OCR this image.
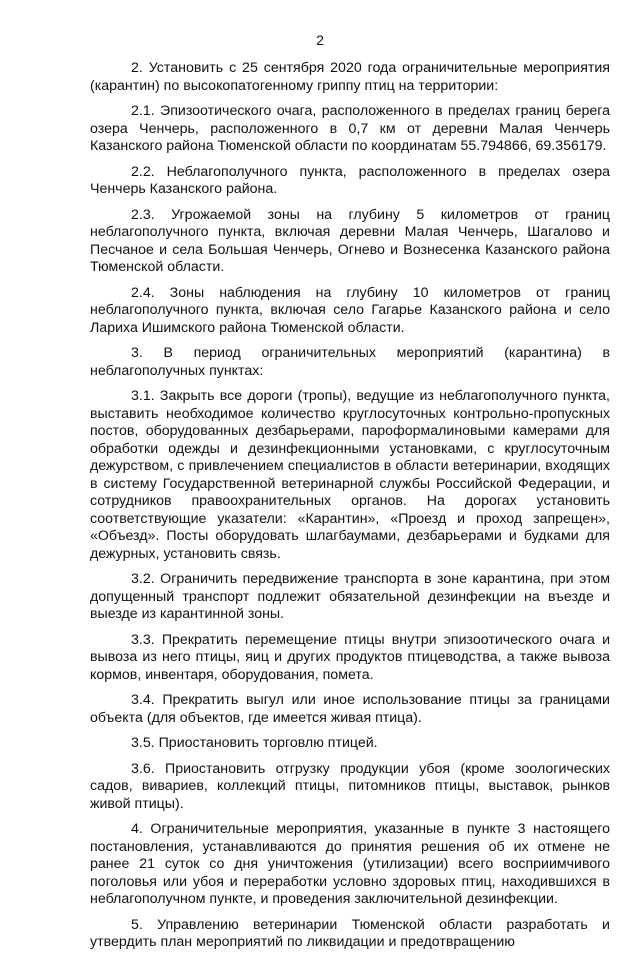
2

2. Установить с 25 сентября 2020 года ограничительные мероприятия (карантин) по высокопатогенному гриппу птиц на территории:

2.1. Эпизоотического очага, расположенного в пределах границ берега озера Ченчерь, расположенного в 0,7 км от деревни Малая Ченчерь Казанского района Тюменской области по координатам 55.794866, 69.356179.

2.2. Неблагополучного пункта, расположенного в пределах озера Ченчерь Казанского района.

2.3. Угрожаемой зоны на глубину 5 километров от границ неблагополучного пункта, включая деревни Малая Ченчерь, Шагалово и Песчаное и села Большая Ченчерь, Огнево и Вознесенка Казанского района Тюменской области.

2.4. Зоны наблюдения на глубину 10 километров от границ неблагополучного пункта, включая село Гагарье Казанского района и село Лариха Ишимского района Тюменской области.

3. В период ограничительных мероприятий (карантина) в неблагополучных пунктах:

3.1. Закрыть все дороги (тропы), ведущие из неблагополучного пункта, выставить необходимое количество круглосуточных контрольно-пропускных постов, оборудованных дезбарьерами, пароформалиновыми камерами для обработки одежды и дезинфекционными установками, с круглосуточным дежурством, с привлечением специалистов в области ветеринарии, входящих в систему Государственной ветеринарной службы Российской Федерации, и сотрудников правоохранительных органов. На дорогах установить соответствующие указатели: «Карантин», «Проезд и проход запрещен», «Объезд». Посты оборудовать шлагбаумами, дезбарьерами и будками для дежурных, установить связь.

3.2. Ограничить передвижение транспорта в зоне карантина, при этом допущенный транспорт подлежит обязательной дезинфекции на въезде и выезде из карантинной зоны.

3.3. Прекратить перемещение птицы внутри эпизоотического очага и вывоза из него птицы, яиц и других продуктов птицеводства, а также вывоза кормов, инвентаря, оборудования, помета.

3.4. Прекратить выгул или иное использование птицы за границами объекта (для объектов, где имеется живая птица).

3.5. Приостановить торговлю птицей.

3.6. Приостановить отгрузку продукции убоя (кроме зоологических садов, вивариев, коллекций птицы, питомников птицы, выставок, рынков живой птицы).

4. Ограничительные мероприятия, указанные в пункте 3 настоящего постановления, устанавливаются до принятия решения об их отмене не ранее 21 суток со дня уничтожения (утилизации) всего восприимчивого поголовья или убоя и переработки условно здоровых птиц, находившихся в неблагополучном пункте, и проведения заключительной дезинфекции.

5. Управлению ветеринарии Тюменской области разработать и утвердить план мероприятий по ликвидации и предотвращению
